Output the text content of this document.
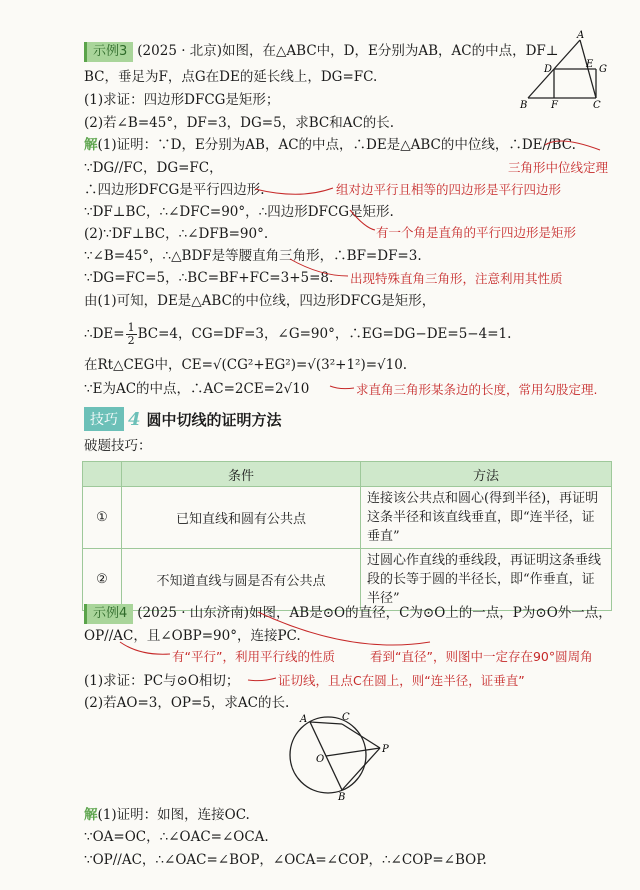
示例3 (2025 · 北京)如图，在△ABC中，D，E分别为AB，AC的中点，DF⊥
BC，垂足为F，点G在DE的延长线上，DG=FC.
(1)求证：四边形DFCG是矩形；
(2)若∠B=45°，DF=3，DG=5，求BC和AC的长.
A
D	E G
B F	C
解(1)证明：∵D，E分别为AB，AC的中点，∴DE是△ABC的中位线，∴DE//BC.
∵DG//FC，DG=FC，	三角形中位线定理
∴四边形DFCG是平行四边形.	组对边平行且相等的四边形是平行四边形
∵DF⊥BC，∴∠DFC=90°，∴四边形DFCG是矩形.
(2)∵DF⊥BC，∴∠DFB=90°.	有一个角是直角的平行四边形是矩形
∵∠B=45°，∴△BDF是等腰直角三角形，∴BF=DF=3.
∵DG=FC=5，∴BC=BF+FC=3+5=8. 出现特殊直角三角形，注意利用其性质
由(1)可知，DE是△ABC的中位线，四边形DFCG是矩形，
∴DE= $\frac{1}{2} BC=4$，CG=DF=3，∠G=90°，∴EG=DG−DE=5−4=1.
在Rt△CEG中，CE=√(CG²+EG²)=√(3²+1²)=√10.
∵E为AC的中点，∴AC=2CE=2√10	求直角三角形某条边的长度，常用勾股定理.
技巧 4 圆中切线的证明方法
破题技巧：
	条件	方法
①	已知直线和圆有公共点	连接该公共点和圆心(得到半径)，再证明这条半径和该直线垂直，即“连半径，证垂直”
②	不知道直线与圆是否有公共点	过圆心作直线的垂线段，再证明这条垂线段的长等于圆的半径长，即“作垂直，证半径”
示例4 (2025 · 山东济南)如图，AB是⊙O的直径，C为⊙O上的一点，P为⊙O外一点，
OP//AC，且∠OBP=90°，连接PC.
有“平行”，利用平行线的性质	看到“直径”，则图中一定存在90°圆周角
(1)求证：PC与⊙O相切；	证切线，且点C在圆上，则“连半径，证垂直”
(2)若AO=3，OP=5，求AC的长.
A	C
O
P
B
解(1)证明：如图，连接OC.
∵OA=OC，∴∠OAC=∠OCA.
∵OP//AC，∴∠OAC=∠BOP，∠OCA=∠COP，∴∠COP=∠BOP.
